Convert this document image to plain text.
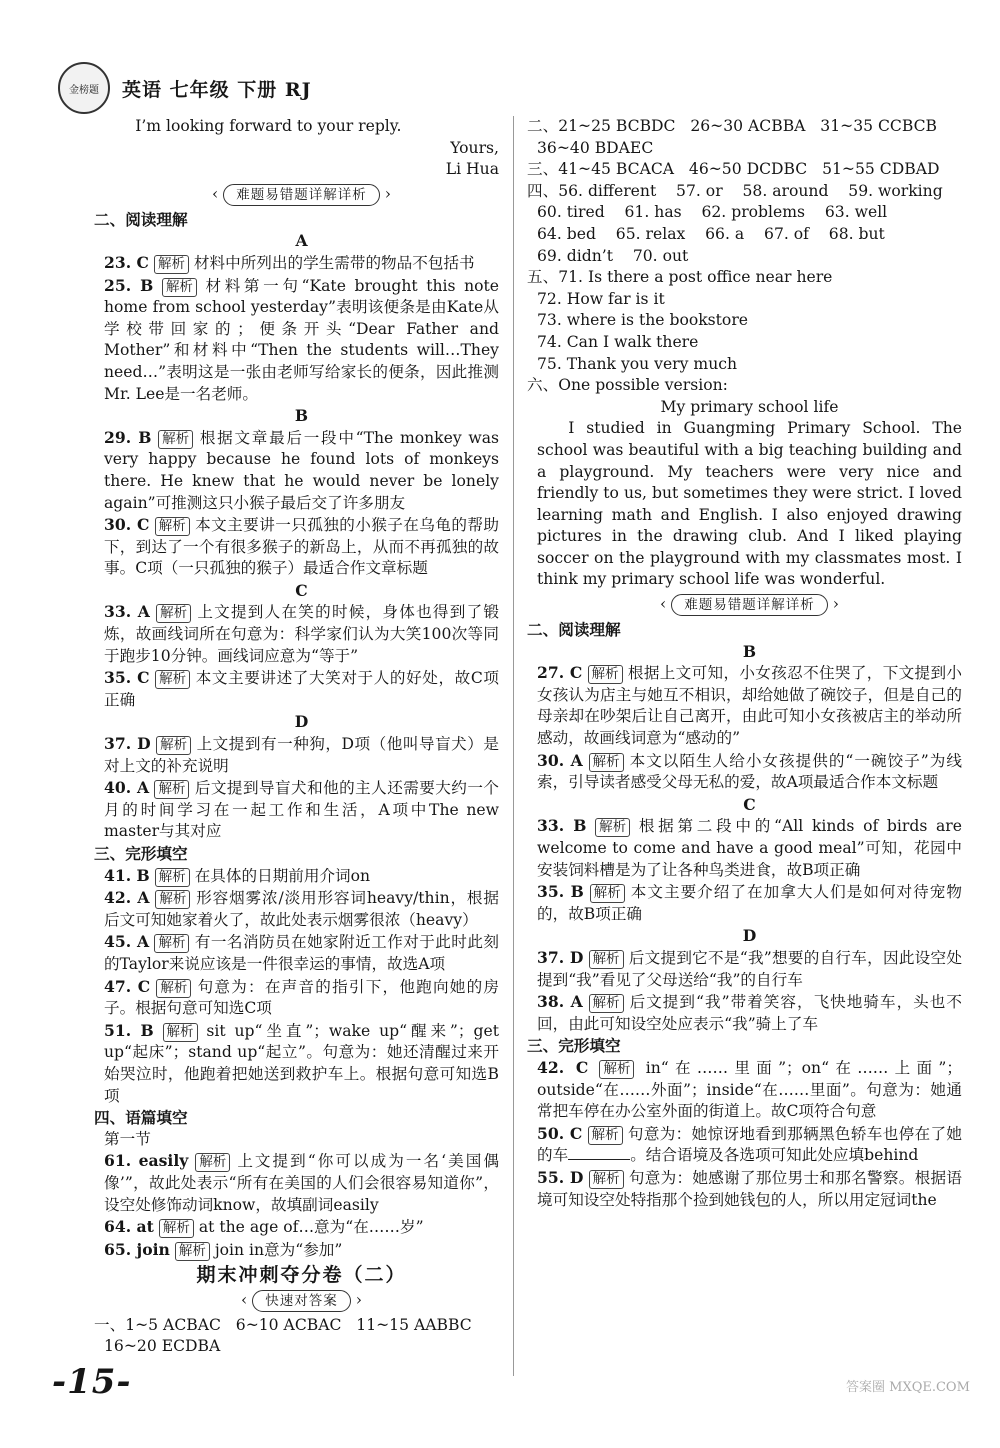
金榜题 英语 七年级 下册 RJ
I’m looking forward to your reply.
Yours,
Li Hua
‹ 难题易错题详解详析 ›
二、阅读理解
A
23. C 解析 材料中所列出的学生需带的物品不包括书
25. B 解析 材料第一句“Kate brought this note home from school yesterday”表明该便条是由Kate从学校带回家的；便条开头“Dear Father and Mother”和材料中“Then the students will…They need…”表明这是一张由老师写给家长的便条，因此推测Mr. Lee是一名老师。
B
29. B 解析 根据文章最后一段中“The monkey was very happy because he found lots of monkeys there. He knew that he would never be lonely again”可推测这只小猴子最后交了许多朋友
30. C 解析 本文主要讲一只孤独的小猴子在乌龟的帮助下，到达了一个有很多猴子的新岛上，从而不再孤独的故事。C项（一只孤独的猴子）最适合作文章标题
C
33. A 解析 上文提到人在笑的时候，身体也得到了锻炼，故画线词所在句意为：科学家们认为大笑100次等同于跑步10分钟。画线词应意为“等于”
35. C 解析 本文主要讲述了大笑对于人的好处，故C项正确
D
37. D 解析 上文提到有一种狗，D项（他叫导盲犬）是对上文的补充说明
40. A 解析 后文提到导盲犬和他的主人还需要大约一个月的时间学习在一起工作和生活，A项中The new master与其对应
三、完形填空
41. B 解析 在具体的日期前用介词on
42. A 解析 形容烟雾浓/淡用形容词heavy/thin，根据后文可知她家着火了，故此处表示烟雾很浓（heavy）
45. A 解析 有一名消防员在她家附近工作对于此时此刻的Taylor来说应该是一件很幸运的事情，故选A项
47. C 解析 句意为：在声音的指引下，他跑向她的房子。根据句意可知选C项
51. B 解析 sit up“坐直”；wake up“醒来”；get up“起床”；stand up“起立”。句意为：她还清醒过来开始哭泣时，他跑着把她送到救护车上。根据句意可知选B项
四、语篇填空
第一节
61. easily 解析 上文提到“你可以成为一名‘美国偶像’”，故此处表示“所有在美国的人们会很容易知道你”，设空处修饰动词know，故填副词easily
64. at 解析 at the age of…意为“在……岁”
65. join 解析 join in意为“参加”
期末冲刺夺分卷（二）
‹ 快速对答案 ›
一、1~5 ACBAC   6~10 ACBAC   11~15 AABBC
16~20 ECDBA
二、21~25 BCBDC   26~30 ACBBA   31~35 CCBCB
36~40 BDAEC
三、41~45 BCACA   46~50 DCDBC   51~55 CDBAD
四、56. different 57. or 58. around 59. working
60. tired 61. has 62. problems 63. well
64. bed 65. relax 66. a 67. of 68. but
69. didn’t 70. out
五、71. Is there a post office near here
72. How far is it
73. where is the bookstore
74. Can I walk there
75. Thank you very much
六、One possible version:
My primary school life
I studied in Guangming Primary School. The school was beautiful with a big teaching building and a playground. My teachers were very nice and friendly to us, but sometimes they were strict. I loved learning math and English. I also enjoyed drawing pictures in the drawing club. And I liked playing soccer on the playground with my classmates most. I think my primary school life was wonderful.
‹ 难题易错题详解详析 ›
二、阅读理解
B
27. C 解析 根据上文可知，小女孩忍不住哭了，下文提到小女孩认为店主与她互不相识，却给她做了碗饺子，但是自己的母亲却在吵架后让自己离开，由此可知小女孩被店主的举动所感动，故画线词意为“感动的”
30. A 解析 本文以陌生人给小女孩提供的“一碗饺子”为线索，引导读者感受父母无私的爱，故A项最适合作本文标题
C
33. B 解析 根据第二段中的“All kinds of birds are welcome to come and have a good meal”可知，花园中安装饲料槽是为了让各种鸟类进食，故B项正确
35. B 解析 本文主要介绍了在加拿大人们是如何对待宠物的，故B项正确
D
37. D 解析 后文提到它不是“我”想要的自行车，因此设空处提到“我”看见了父母送给“我”的自行车
38. A 解析 后文提到“我”带着笑容，飞快地骑车，头也不回，由此可知设空处应表示“我”骑上了车
三、完形填空
42. C 解析 in“在……里面”；on“在……上面”；outside“在……外面”；inside“在……里面”。句意为：她通常把车停在办公室外面的街道上。故C项符合句意
50. C 解析 句意为：她惊讶地看到那辆黑色轿车也停在了她的车	。结合语境及各选项可知此处应填behind
55. D 解析 句意为：她感谢了那位男士和那名警察。根据语境可知设空处特指那个捡到她钱包的人，所以用定冠词the
-15-	答案圈 MXQE.COM
